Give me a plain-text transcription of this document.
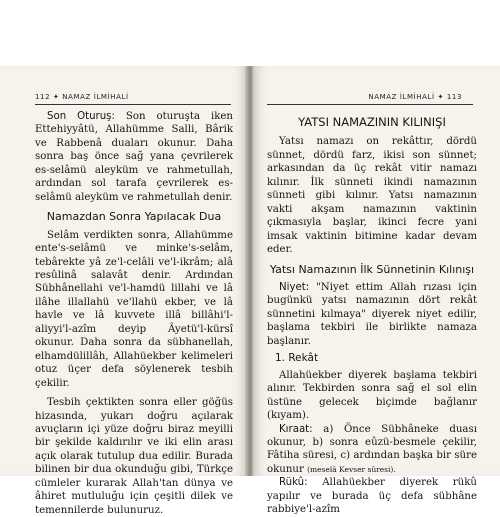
112 ✦ NAMAZ İLMİHALİ

Son Oturuş: Son oturuşta iken Ettehiyyâtü, Allahümme Salli, Bârik ve Rabbenâ duaları okunur. Daha sonra baş önce sağ yana çevrilerek es-selâmü aleyküm ve rahmetullah, ardından sol tarafa çevrilerek es-selâmü aleyküm ve rahmetullah denir.

Namazdan Sonra Yapılacak Dua

Selâm verdikten sonra, Allahümme ente's-selâmü ve minke's-selâm, tebârekte yâ ze'l-celâli ve'l-ikrâm; alâ resûlinâ salavât denir. Ardından Sübhânellahi ve'l-hamdü lillahi ve lâ ilâhe illallahü ve'llahü ekber, ve lâ havle ve lâ kuvvete illâ billâhi'l-aliyyi'l-azîm deyip Âyetü'l-kürsî okunur. Daha sonra da sübhanellah, elhamdülillâh, Allahüekber kelimeleri otuz üçer defa söylenerek tesbih çekilir.

Tesbih çektikten sonra eller göğüs hizasında, yukarı doğru açılarak avuçların içi yüze doğru biraz meyilli bir şekilde kaldırılır ve iki elin arası açık olarak tutulup dua edilir. Burada bilinen bir dua okunduğu gibi, Türkçe cümleler kurarak Allah'tan dünya ve âhiret mutluluğu için çeşitli dilek ve temennilerde bulunuruz.

NAMAZ İLMİHALİ ✦ 113
YATSI NAMAZININ KILINIŞI

Yatsı namazı on rekâttır, dördü sünnet, dördü farz, ikisi son sünnet; arkasından da üç rekât vitir namazı kılınır. İlk sünneti ikindi namazının sünneti gibi kılınır. Yatsı namazının vakti akşam namazının vaktinin çıkmasıyla başlar, ikinci fecre yani imsak vaktinin bitimine kadar devam eder.

Yatsı Namazının İlk Sünnetinin Kılınışı

Niyet: "Niyet ettim Allah rızası için bugünkü yatsı namazının dört rekât sünnetini kılmaya" diyerek niyet edilir, başlama tekbiri ile birlikte namaza başlanır.

1. Rekât

Allahüekber diyerek başlama tekbiri alınır. Tekbirden sonra sağ el sol elin üstüne gelecek biçimde bağlanır (kıyam).

Kıraat: a) Önce Sübhâneke duası okunur, b) sonra eûzü-besmele çekilir, Fâtiha süresi, c) ardından başka bir süre okunur (meselâ Kevser sûresi).

Rükû: Allahüekber diyerek rükû yapılır ve burada üç defa sübhâne rabbiye'l-azîm
